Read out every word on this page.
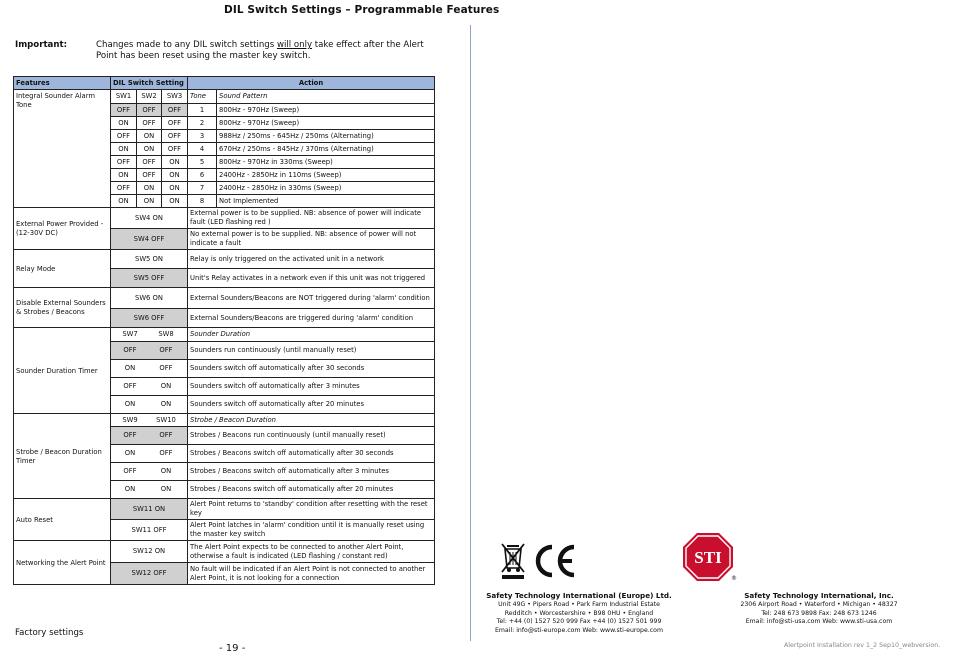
DIL Switch Settings – Programmable Features
Important:	Changes made to any DIL switch settings will only take effect after the Alert Point has been reset using the master key switch.
Features	DIL Switch Setting			Action	
Integral Sounder Alarm Tone	SW1	SW2	SW3	Tone	Sound Pattern
	OFF	OFF	OFF	1	800Hz - 970Hz (Sweep)
	ON	OFF	OFF	2	800Hz - 970Hz (Sweep)
	OFF	ON	OFF	3	988Hz / 250ms - 645Hz / 250ms (Alternating)
	ON	ON	OFF	4	670Hz / 250ms - 845Hz / 370ms (Alternating)
	OFF	OFF	ON	5	800Hz - 970Hz in 330ms (Sweep)
	ON	OFF	ON	6	2400Hz - 2850Hz in 110ms (Sweep)
	OFF	ON	ON	7	2400Hz - 2850Hz in 330ms (Sweep)
	ON	ON	ON	8	Not Implemented
External Power Provided - (12-30V DC)	SW4 ON			External power is to be supplied. NB: absence of power will indicate fault (LED flashing red )	
	SW4 OFF			No external power is to be supplied. NB: absence of power will not indicate a fault	
Relay Mode	SW5 ON			Relay is only triggered on the activated unit in a network	
	SW5 OFF			Unit's Relay activates in a network even if this unit was not triggered	
Disable External Sounders & Strobes / Beacons	SW6 ON			External Sounders/Beacons are NOT triggered during 'alarm' condition	
	SW6 OFF			External Sounders/Beacons are triggered during 'alarm' condition	
Sounder Duration Timer	SW7 SW8			Sounder Duration	
	OFF OFF			Sounders run continuously (until manually reset)	
	ON OFF			Sounders switch off automatically after 30 seconds	
	OFF ON			Sounders switch off automatically after 3 minutes	
	ON ON			Sounders switch off automatically after 20 minutes	
Strobe / Beacon Duration Timer	SW9 SW10			Strobe / Beacon Duration	
	OFF OFF			Strobes / Beacons run continuously (until manually reset)	
	ON OFF			Strobes / Beacons switch off automatically after 30 seconds	
	OFF ON			Strobes / Beacons switch off automatically after 3 minutes	
	ON ON			Strobes / Beacons switch off automatically after 20 minutes	
Auto Reset	SW11 ON			Alert Point returns to 'standby' condition after resetting with the reset key	
	SW11 OFF			Alert Point latches in 'alarm' condition until it is manually reset using the master key switch	
Networking the Alert Point	SW12 ON			The Alert Point expects to be connected to another Alert Point, otherwise a fault is indicated (LED flashing / constant red)	
	SW12 OFF			No fault will be indicated if an Alert Point is not connected to another Alert Point, it is not looking for a connection	
Factory settings
- 19 -	Alertpoint Installation rev 1_2 Sep10_webversion.
STI
®
Safety Technology International (Europe) Ltd.
Unit 49G • Pipers Road • Park Farm Industrial Estate
Redditch • Worcestershire • B98 0HU • England
Tel: +44 (0) 1527 520 999 Fax +44 (0) 1527 501 999
Email: info@sti-europe.com Web: www.sti-europe.com
Safety Technology International, Inc.
2306 Airport Road • Waterford • Michigan • 48327
Tel: 248 673 9898 Fax: 248 673 1246
Email: info@sti-usa.com Web: www.sti-usa.com
